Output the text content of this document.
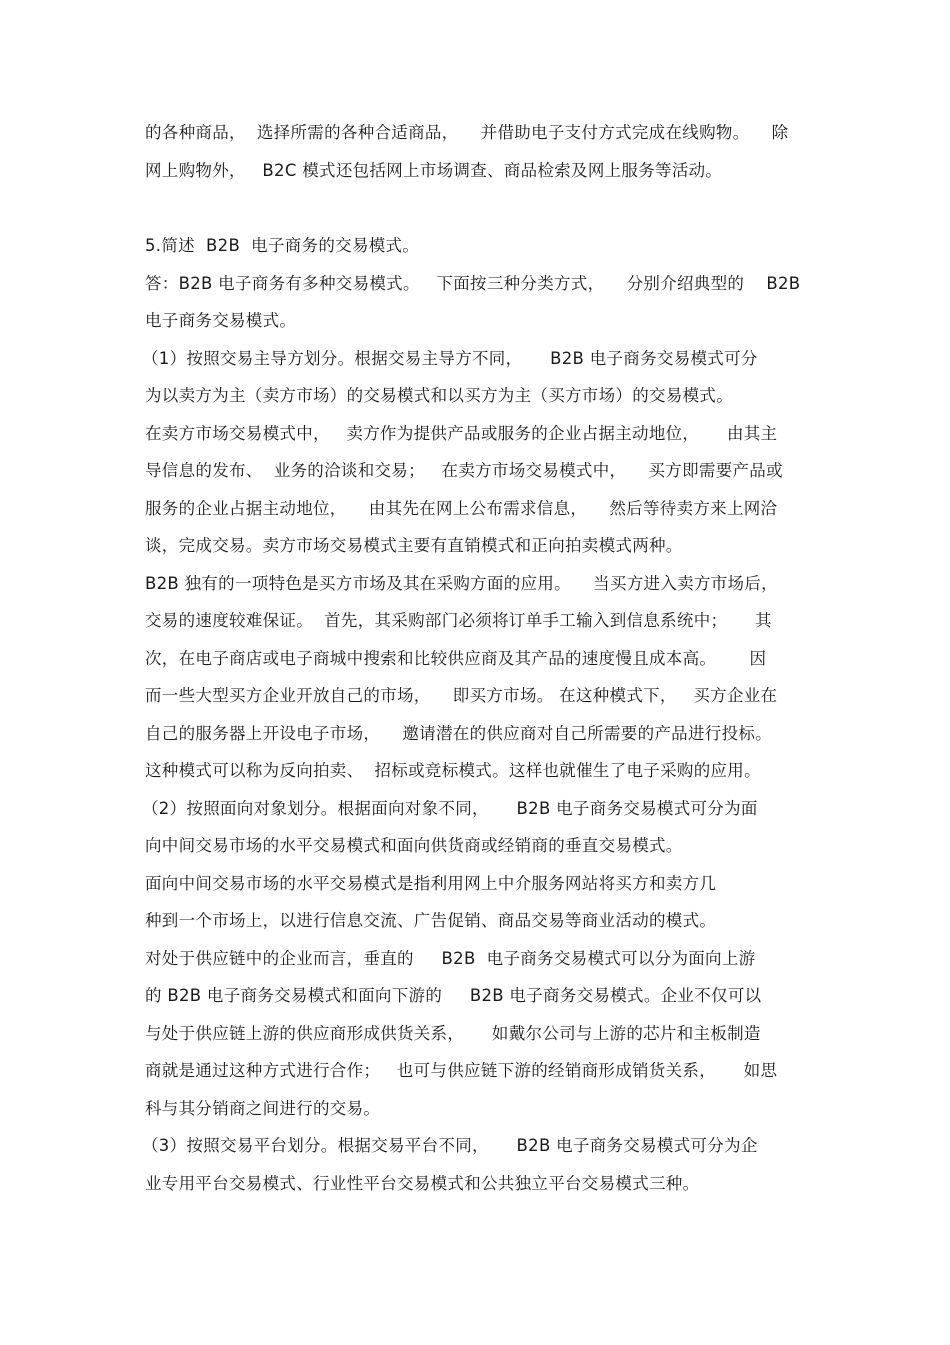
的各种商品，  选择所需的各种合适商品，    并借助电子支付方式完成在线购物。    除
网上购物外，   B2C 模式还包括网上市场调查、商品检索及网上服务等活动。
5.简述  B2B  电子商务的交易模式。
答：B2B 电子商务有多种交易模式。   下面按三种分类方式，    分别介绍典型的    B2B
电子商务交易模式。
（1）按照交易主导方划分。根据交易主导方不同，     B2B 电子商务交易模式可分
为以卖方为主（卖方市场）的交易模式和以买方为主（买方市场）的交易模式。
在卖方市场交易模式中，   卖方作为提供产品或服务的企业占据主动地位，     由其主
导信息的发布、  业务的洽谈和交易；   在卖方市场交易模式中，    买方即需要产品或
服务的企业占据主动地位，    由其先在网上公布需求信息，    然后等待卖方来上网洽
谈，完成交易。卖方市场交易模式主要有直销模式和正向拍卖模式两种。
B2B 独有的一项特色是买方市场及其在采购方面的应用。    当买方进入卖方市场后，
交易的速度较难保证。  首先，其采购部门必须将订单手工输入到信息系统中；     其
次，在电子商店或电子商城中搜索和比较供应商及其产品的速度慢且成本高。      因
而一些大型买方企业开放自己的市场，    即买方市场。 在这种模式下，   买方企业在
自己的服务器上开设电子市场，    邀请潜在的供应商对自己所需要的产品进行投标。
这种模式可以称为反向拍卖、  招标或竞标模式。这样也就催生了电子采购的应用。
（2）按照面向对象划分。根据面向对象不同，     B2B 电子商务交易模式可分为面
向中间交易市场的水平交易模式和面向供货商或经销商的垂直交易模式。
面向中间交易市场的水平交易模式是指利用网上中介服务网站将买方和卖方几
种到一个市场上，以进行信息交流、广告促销、商品交易等商业活动的模式。
对处于供应链中的企业而言，垂直的     B2B  电子商务交易模式可以分为面向上游
的 B2B 电子商务交易模式和面向下游的     B2B 电子商务交易模式。企业不仅可以
与处于供应链上游的供应商形成供货关系，     如戴尔公司与上游的芯片和主板制造
商就是通过这种方式进行合作；   也可与供应链下游的经销商形成销货关系，     如思
科与其分销商之间进行的交易。
（3）按照交易平台划分。根据交易平台不同，     B2B 电子商务交易模式可分为企
业专用平台交易模式、行业性平台交易模式和公共独立平台交易模式三种。
